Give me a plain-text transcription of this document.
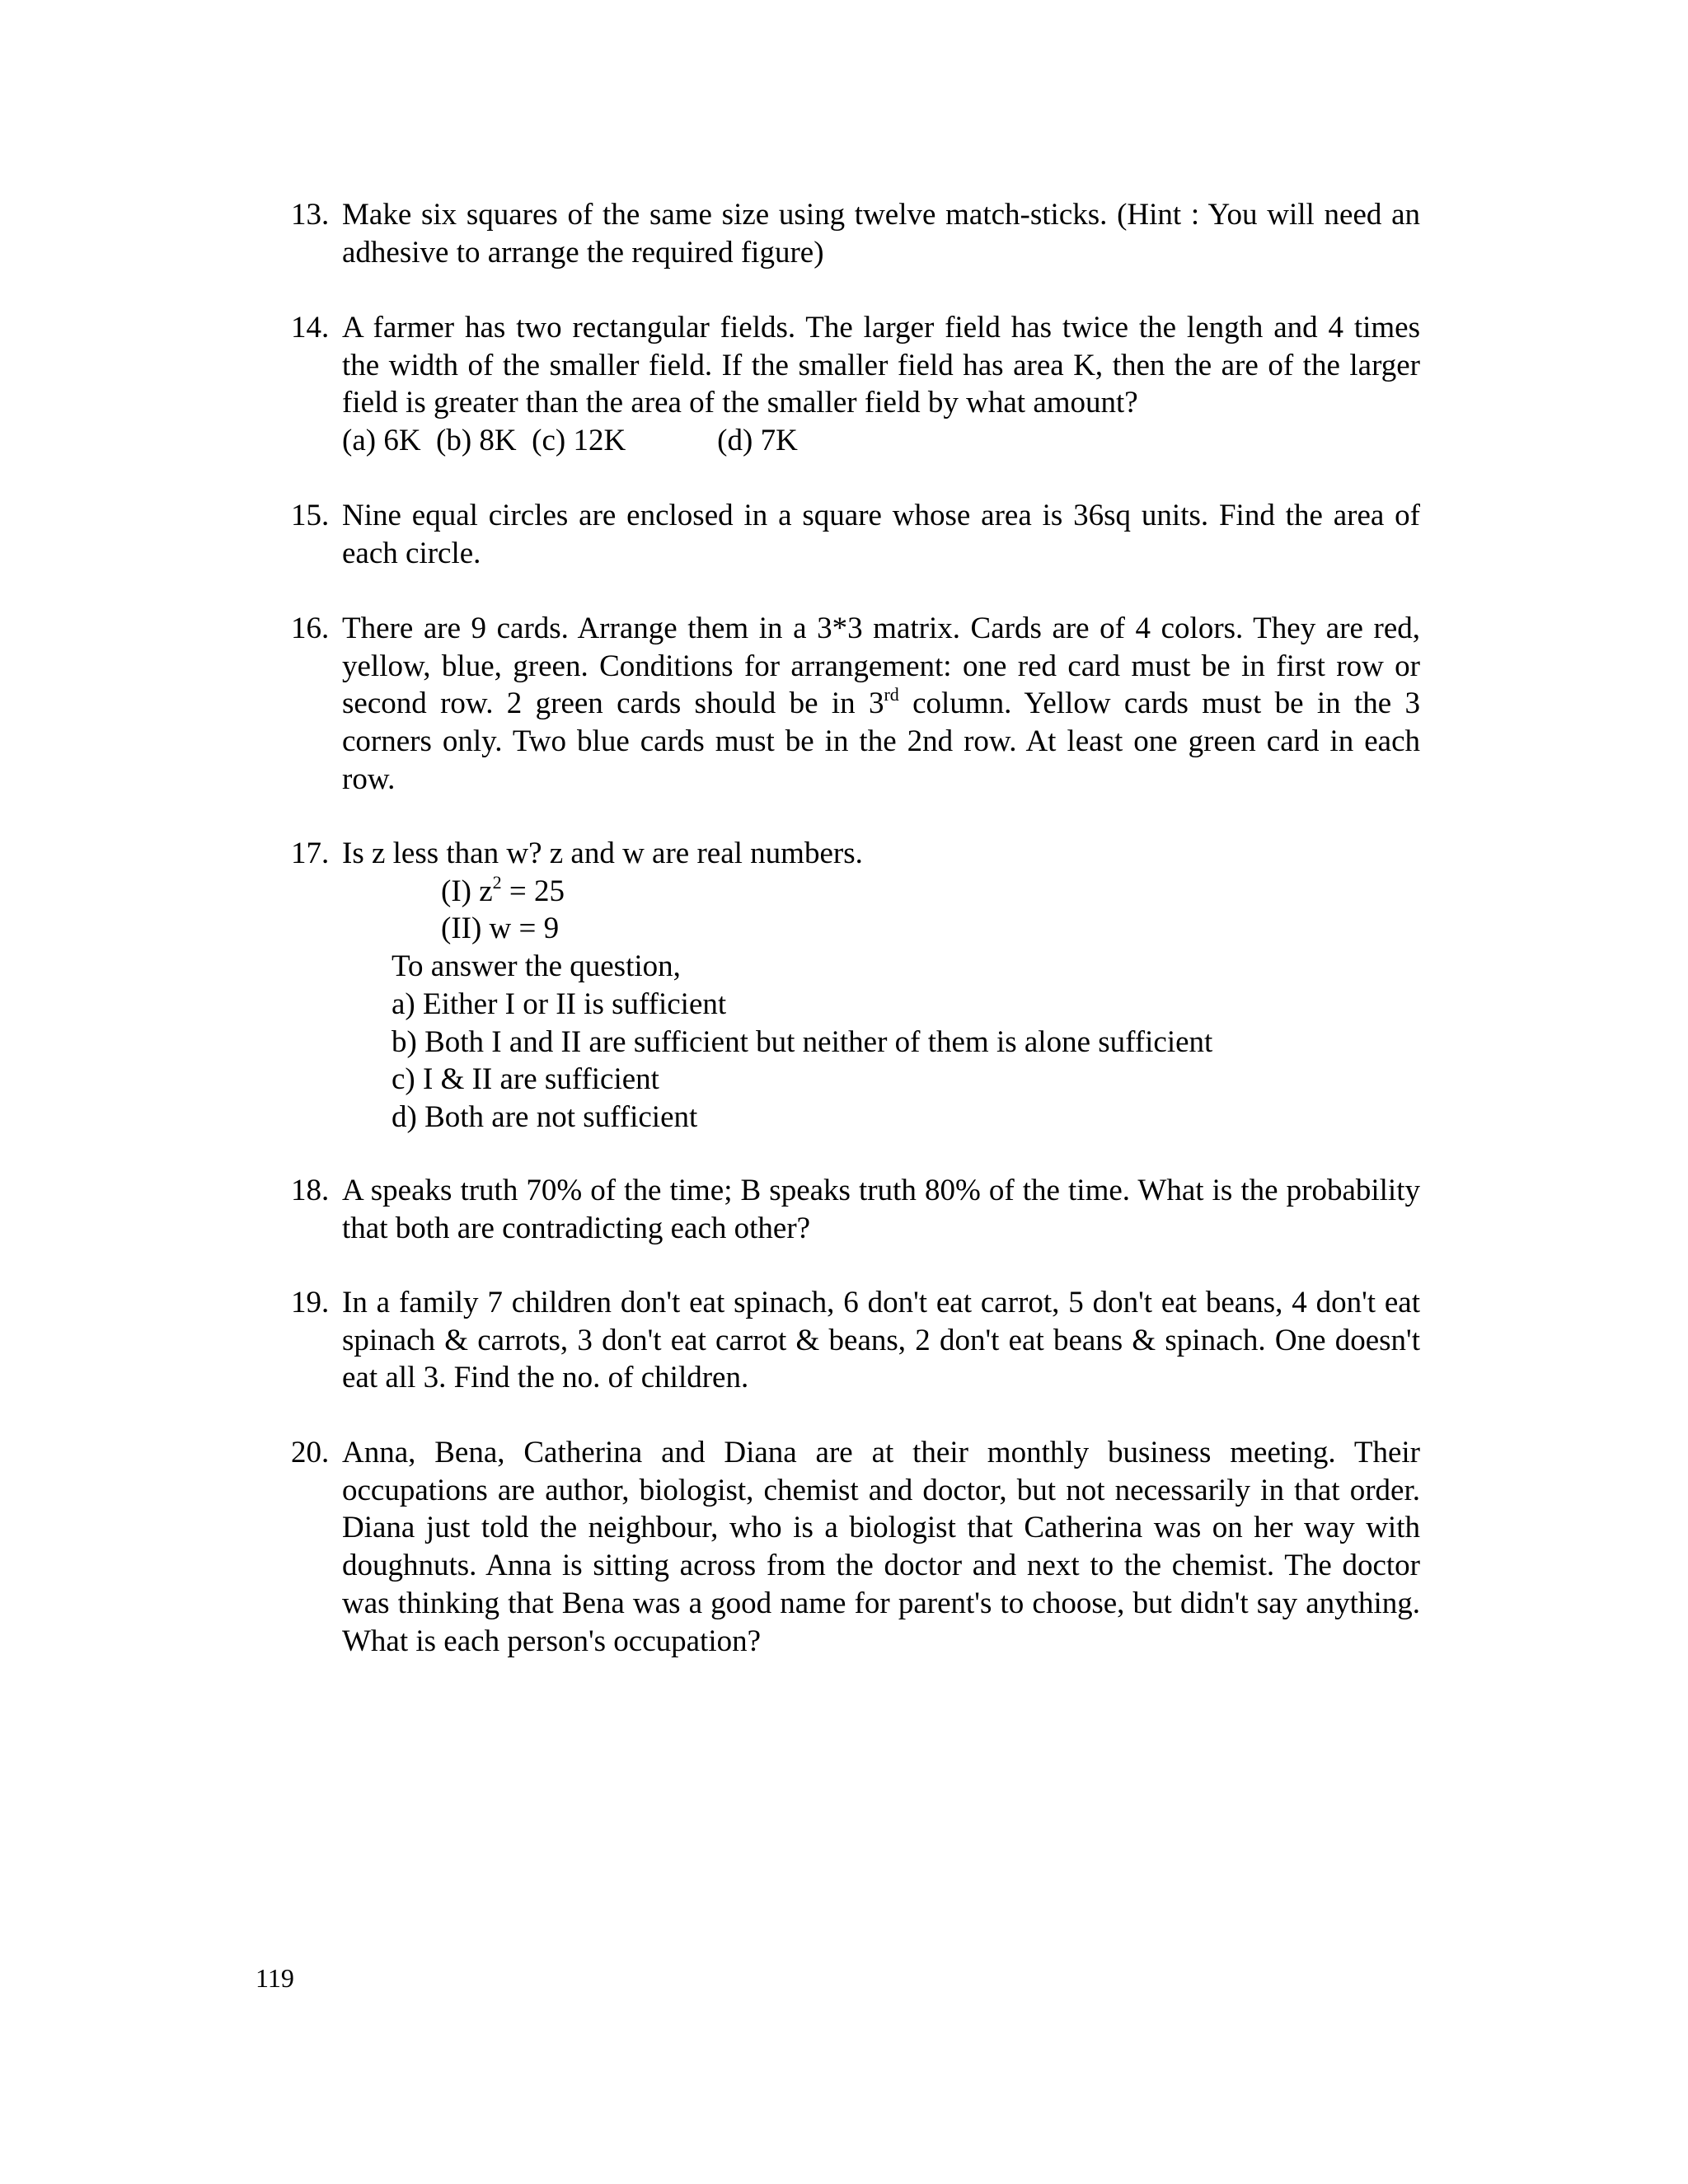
13. Make six squares of the same size using twelve match-sticks. (Hint : You will need an adhesive to arrange the required figure)
14. A farmer has two rectangular fields. The larger field has twice the length and 4 times the width of the smaller field. If the smaller field has area K, then the are of the larger field is greater than the area of the smaller field by what amount?
(a) 6K  (b) 8K  (c) 12K            (d) 7K
15. Nine equal circles are enclosed in a square whose area is 36sq units. Find the area of each circle.
16. There are 9 cards. Arrange them in a 3*3 matrix. Cards are of 4 colors. They are red, yellow, blue, green. Conditions for arrangement: one red card must be in first row or second row. 2 green cards should be in 3rd column. Yellow cards must be in the 3 corners only. Two blue cards must be in the 2nd row. At least one green card in each row.
17. Is z less than w? z and w are real numbers.
(I) $z^2 = 25$
(II) w = 9
To answer the question,
a) Either I or II is sufficient
b) Both I and II are sufficient but neither of them is alone sufficient
c) I & II are sufficient
d) Both are not sufficient
18. A speaks truth 70% of the time; B speaks truth 80% of the time. What is the probability that both are contradicting each other?
19. In a family 7 children don't eat spinach, 6 don't eat carrot, 5 don't eat beans, 4 don't eat spinach & carrots, 3 don't eat carrot & beans, 2 don't eat beans & spinach. One doesn't eat all 3. Find the no. of children.
20. Anna, Bena, Catherina and Diana are at their monthly business meeting. Their occupations are author, biologist, chemist and doctor, but not necessarily in that order. Diana just told the neighbour, who is a biologist that Catherina was on her way with doughnuts. Anna is sitting across from the doctor and next to the chemist. The doctor was thinking that Bena was a good name for parent's to choose, but didn't say anything. What is each person's occupation?
119
